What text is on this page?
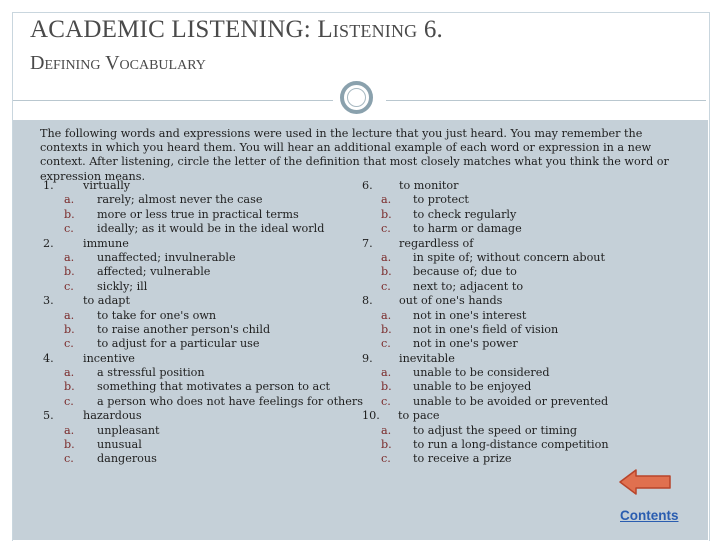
ACADEMIC LISTENING: Listening 6.
Defining Vocabulary
The following words and expressions were used in the lecture that you just heard. You may remember the contexts in which you heard them. You will hear an additional example of each word or expression in a new context. After listening, circle the letter of the definition that most closely matches what you think the word or expression means.
1.	virtually
a. rarely; almost never the case
b. more or less true in practical terms
c. ideally; as it would be in the ideal world
2.	immune
a. unaffected; invulnerable
b. affected; vulnerable
c. sickly; ill
3.	to adapt
a. to take for one's own
b. to raise another person's child
c. to adjust for a particular use
4.	incentive
a. a stressful position
b. something that motivates a person to act
c. a person who does not have feelings for others
5.	hazardous
a. unpleasant
b. unusual
c. dangerous
6. to monitor
a. to protect
b. to check regularly
c. to harm or damage
7. regardless of
a. in spite of; without concern about
b. because of; due to
c. next to; adjacent to
8. out of one's hands
a. not in one's interest
b. not in one's field of vision
c. not in one's power
9. inevitable
a. unable to be considered
b. unable to be enjoyed
c. unable to be avoided or prevented
10. to pace
a. to adjust the speed or timing
b. to run a long-distance competition
c. to receive a prize
Contents
